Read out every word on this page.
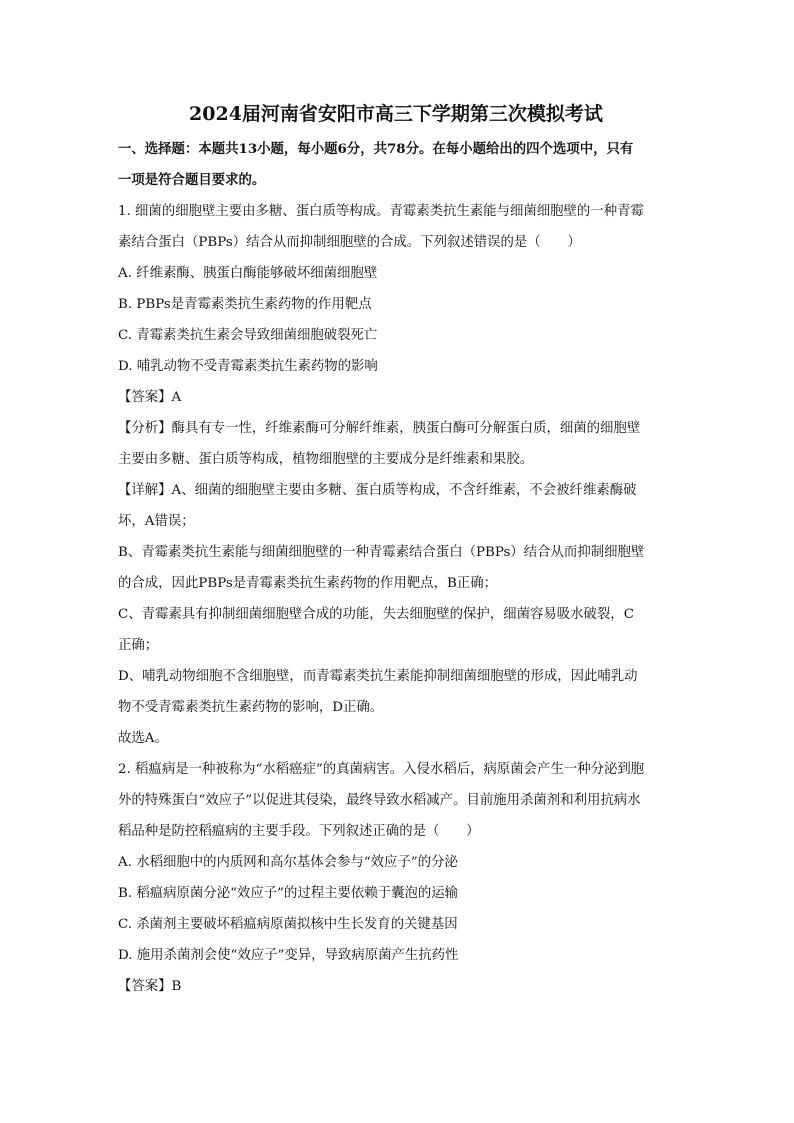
2024届河南省安阳市高三下学期第三次模拟考试
一、选择题：本题共13小题，每小题6分，共78分。在每小题给出的四个选项中，只有
一项是符合题目要求的。
1. 细菌的细胞壁主要由多糖、蛋白质等构成。青霉素类抗生素能与细菌细胞壁的一种青霉
素结合蛋白（PBPs）结合从而抑制细胞壁的合成。下列叙述错误的是（　　）
A. 纤维素酶、胰蛋白酶能够破坏细菌细胞壁
B. PBPs是青霉素类抗生素药物的作用靶点
C. 青霉素类抗生素会导致细菌细胞破裂死亡
D. 哺乳动物不受青霉素类抗生素药物的影响
【答案】A
【分析】酶具有专一性，纤维素酶可分解纤维素，胰蛋白酶可分解蛋白质，细菌的细胞壁
主要由多糖、蛋白质等构成，植物细胞壁的主要成分是纤维素和果胶。
【详解】A、细菌的细胞壁主要由多糖、蛋白质等构成，不含纤维素，不会被纤维素酶破
坏，A错误；
B、青霉素类抗生素能与细菌细胞壁的一种青霉素结合蛋白（PBPs）结合从而抑制细胞壁
的合成，因此PBPs是青霉素类抗生素药物的作用靶点，B正确；
C、青霉素具有抑制细菌细胞壁合成的功能，失去细胞壁的保护，细菌容易吸水破裂，C
正确；
D、哺乳动物细胞不含细胞壁，而青霉素类抗生素能抑制细菌细胞壁的形成，因此哺乳动
物不受青霉素类抗生素药物的影响，D正确。
故选A。
2. 稻瘟病是一种被称为“水稻癌症”的真菌病害。入侵水稻后，病原菌会产生一种分泌到胞
外的特殊蛋白“效应子”以促进其侵染，最终导致水稻减产。目前施用杀菌剂和利用抗病水
稻品种是防控稻瘟病的主要手段。下列叙述正确的是（　　）
A. 水稻细胞中的内质网和高尔基体会参与“效应子”的分泌
B. 稻瘟病原菌分泌“效应子”的过程主要依赖于囊泡的运输
C. 杀菌剂主要破坏稻瘟病原菌拟核中生长发育的关键基因
D. 施用杀菌剂会使“效应子”变异，导致病原菌产生抗药性
【答案】B
